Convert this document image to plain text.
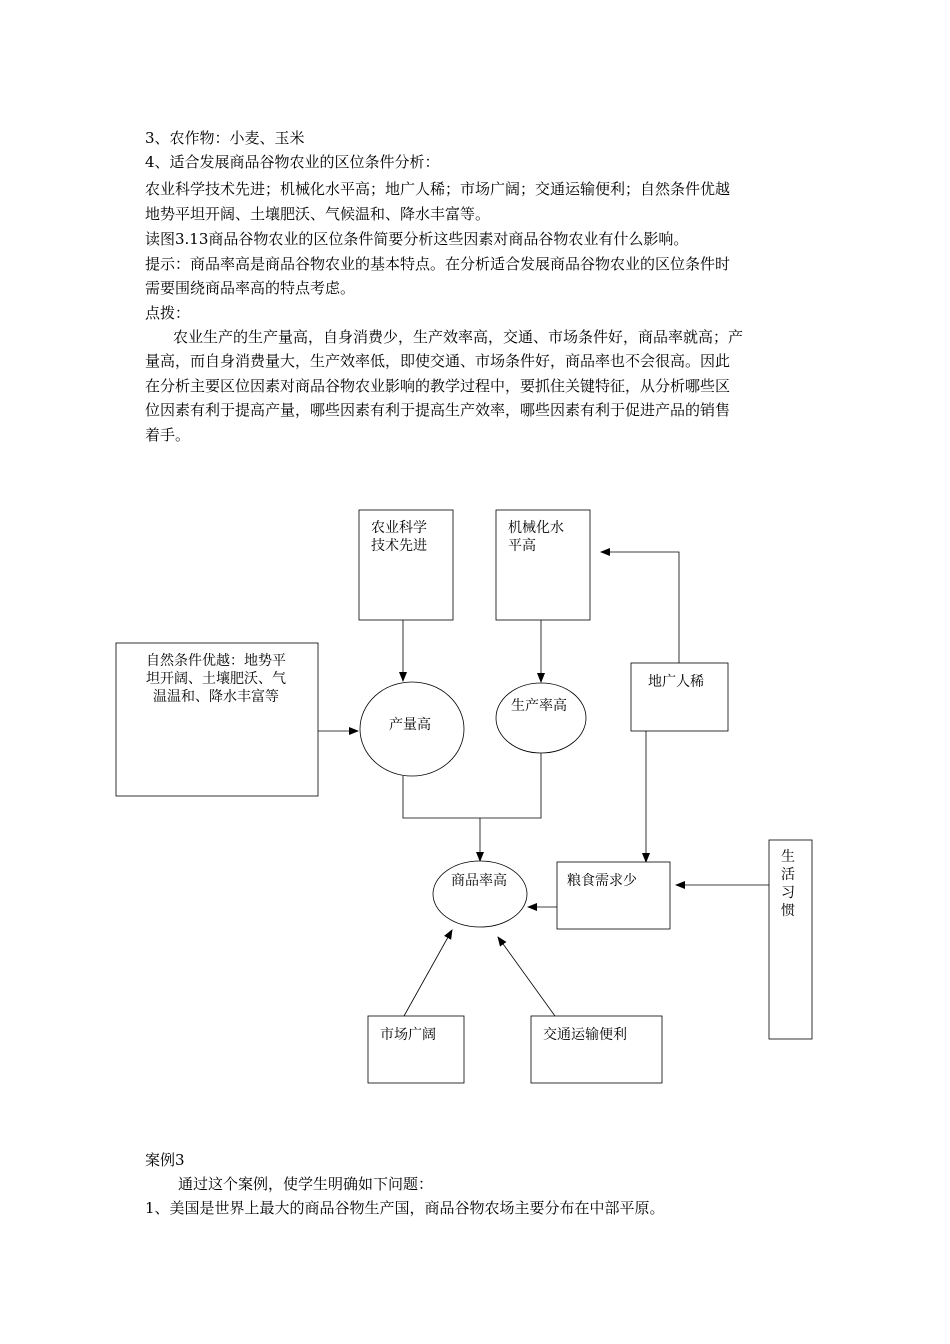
3、农作物：小麦、玉米
4、适合发展商品谷物农业的区位条件分析：
农业科学技术先进；机械化水平高；地广人稀；市场广阔；交通运输便利；自然条件优越
地势平坦开阔、土壤肥沃、气候温和、降水丰富等。
读图3.13商品谷物农业的区位条件简要分析这些因素对商品谷物农业有什么影响。
提示：商品率高是商品谷物农业的基本特点。在分析适合发展商品谷物农业的区位条件时
需要围绕商品率高的特点考虑。
点拨：
农业生产的生产量高，自身消费少，生产效率高，交通、市场条件好，商品率就高；产
量高，而自身消费量大，生产效率低，即使交通、市场条件好，商品率也不会很高。因此
在分析主要区位因素对商品谷物农业影响的教学过程中，要抓住关键特征，从分析哪些区
位因素有利于提高产量，哪些因素有利于提高生产效率，哪些因素有利于促进产品的销售
着手。
农业科学
技术先进
机械化水
平高
自然条件优越：地势平
坦开阔、土壤肥沃、气
温温和、降水丰富等
地广人稀
粮食需求少
生
活
习
惯
市场广阔	交通运输便利
产量高
生产率高
商品率高
案例3
通过这个案例，使学生明确如下问题：
1、美国是世界上最大的商品谷物生产国，商品谷物农场主要分布在中部平原。
